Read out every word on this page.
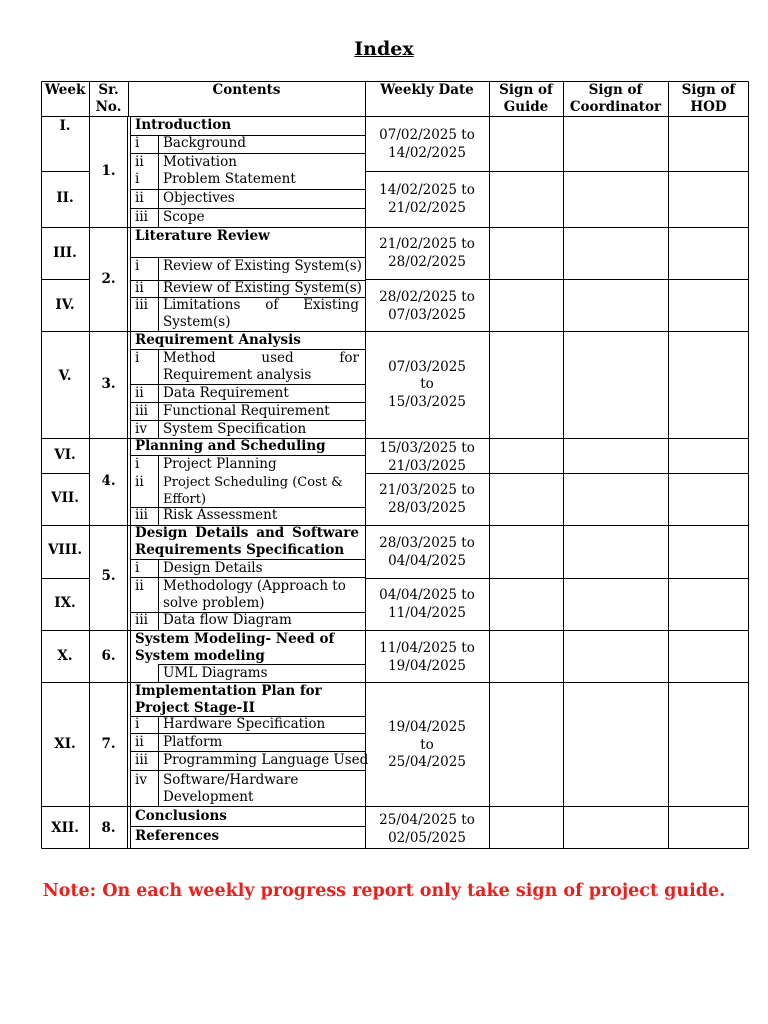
Index
Week Sr. No.
Contents	Weekly Date	Sign of Guide
Sign of Coordinator
Sign of HOD
I.
II.
III.
IV.
V.
VI.
VII.
VIII.
IX.
X.
XI.
XII.
1.
2.
3.
4.
5.
6.
7.
8.
Introduction
i Background
ii Motivation
i Problem Statement
ii Objectives
iii Scope
Literature Review
i Review of Existing System(s)
ii Review of Existing System(s)
iii Limitations of Existing System(s)
Requirement Analysis
i Method used for Requirement analysis
ii Data Requirement
iii Functional Requirement
iv System Specification
Planning and Scheduling
i Project Planning
ii Project Scheduling (Cost & Effort)
iii Risk Assessment
Design Details and Software Requirements Specification
i Design Details
ii Methodology (Approach to solve problem)
iii Data flow Diagram
System Modeling- Need of System modeling
UML Diagrams
Implementation Plan for Project Stage-II
i Hardware Specification
ii Platform
iii Programming Language Used
iv Software/Hardware Development
Conclusions
References
07/02/2025 to 14/02/2025
14/02/2025 to 21/02/2025
21/02/2025 to 28/02/2025
28/02/2025 to 07/03/2025
07/03/2025
to
15/03/2025
15/03/2025 to 21/03/2025
21/03/2025 to 28/03/2025
28/03/2025 to 04/04/2025
04/04/2025 to 11/04/2025
11/04/2025 to 19/04/2025
19/04/2025
to
25/04/2025
25/04/2025 to 02/05/2025
Note: On each weekly progress report only take sign of project guide.
